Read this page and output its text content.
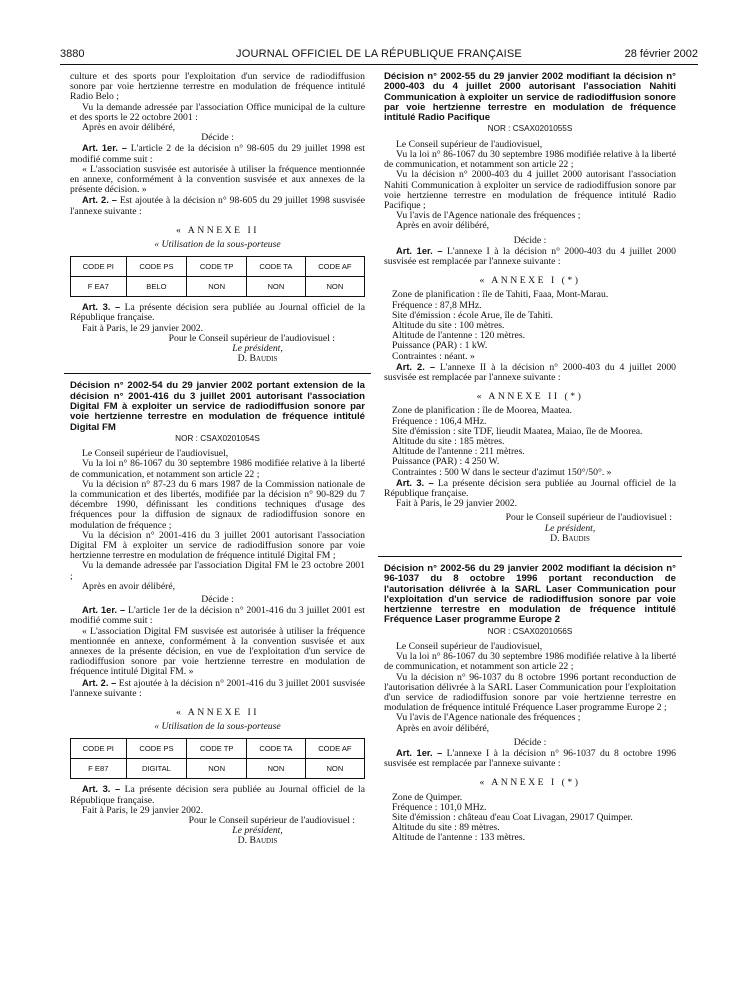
3880	JOURNAL OFFICIEL DE LA RÉPUBLIQUE FRANÇAISE	28 février 2002

culture et des sports pour l'exploitation d'un service de radiodiffusion sonore par voie hertzienne terrestre en modulation de fréquence intitulé Radio Belo ;

Vu la demande adressée par l'association Office municipal de la culture et des sports le 22 octobre 2001 :

Après en avoir délibéré,

Décide :

Art. 1er. – L'article 2 de la décision n° 98-605 du 29 juillet 1998 est modifié comme suit :

« L'association susvisée est autorisée à utiliser la fréquence mentionnée en annexe, conformément à la convention susvisée et aux annexes de la présente décision. »

Art. 2. – Est ajoutée à la décision n° 98-605 du 29 juillet 1998 susvisée l'annexe suivante :

« ANNEXE II

« Utilisation de la sous-porteuse

CODE PI	CODE PS	CODE TP	CODE TA	CODE AF
F EA7	BELO	NON	NON	NON

Art. 3. – La présente décision sera publiée au Journal officiel de la République française.

Fait à Paris, le 29 janvier 2002.

Pour le Conseil supérieur de l'audiovisuel :

Le président,

D. Baudis

Décision n° 2002-54 du 29 janvier 2002 portant extension de la décision n° 2001-416 du 3 juillet 2001 autorisant l'association Digital FM à exploiter un service de radiodiffusion sonore par voie hertzienne terrestre en modulation de fréquence intitulé Digital FM

NOR : CSAX0201054S

Le Conseil supérieur de l'audiovisuel,

Vu la loi n° 86-1067 du 30 septembre 1986 modifiée relative à la liberté de communication, et notamment son article 22 ;

Vu la décision n° 87-23 du 6 mars 1987 de la Commission nationale de la communication et des libertés, modifiée par la décision n° 90-829 du 7 décembre 1990, définissant les conditions techniques d'usage des fréquences pour la diffusion de signaux de radiodiffusion sonore en modulation de fréquence ;

Vu la décision n° 2001-416 du 3 juillet 2001 autorisant l'association Digital FM à exploiter un service de radiodiffusion sonore par voie hertzienne terrestre en modulation de fréquence intitulé Digital FM ;

Vu la demande adressée par l'association Digital FM le 23 octobre 2001 ;

Après en avoir délibéré,

Décide :

Art. 1er. – L'article 1er de la décision n° 2001-416 du 3 juillet 2001 est modifié comme suit :

« L'association Digital FM susvisée est autorisée à utiliser la fréquence mentionnée en annexe, conformément à la convention susvisée et aux annexes de la présente décision, en vue de l'exploitation d'un service de radiodiffusion sonore par voie hertzienne terrestre en modulation de fréquence intitulé Digital FM. »

Art. 2. – Est ajoutée à la décision n° 2001-416 du 3 juillet 2001 susvisée l'annexe suivante :

« ANNEXE II

« Utilisation de la sous-porteuse

CODE PI	CODE PS	CODE TP	CODE TA	CODE AF
F E87	DIGITAL	NON	NON	NON

Art. 3. – La présente décision sera publiée au Journal officiel de la République française.

Fait à Paris, le 29 janvier 2002.

Pour le Conseil supérieur de l'audiovisuel :

Le président,

D. Baudis

Décision n° 2002-55 du 29 janvier 2002 modifiant la décision n° 2000-403 du 4 juillet 2000 autorisant l'association Nahiti Communication à exploiter un service de radiodiffusion sonore par voie hertzienne terrestre en modulation de fréquence intitulé Radio Pacifique

NOR : CSAX0201055S

Le Conseil supérieur de l'audiovisuel,

Vu la loi n° 86-1067 du 30 septembre 1986 modifiée relative à la liberté de communication, et notamment son article 22 ;

Vu la décision n° 2000-403 du 4 juillet 2000 autorisant l'association Nahiti Communication à exploiter un service de radiodiffusion sonore par voie hertzienne terrestre en modulation de fréquence intitulé Radio Pacifique ;

Vu l'avis de l'Agence nationale des fréquences ;

Après en avoir délibéré,

Décide :

Art. 1er. – L'annexe I à la décision n° 2000-403 du 4 juillet 2000 susvisée est remplacée par l'annexe suivante :

« ANNEXE I (*)

Zone de planification : île de Tahiti, Faaa, Mont-Marau.

Fréquence : 87,8 MHz.

Site d'émission : école Arue, île de Tahiti.

Altitude du site : 100 mètres.

Altitude de l'antenne : 120 mètres.

Puissance (PAR) : 1 kW.

Contraintes : néant. »

Art. 2. – L'annexe II à la décision n° 2000-403 du 4 juillet 2000 susvisée est remplacée par l'annexe suivante :

« ANNEXE II (*)

Zone de planification : île de Moorea, Maatea.

Fréquence : 106,4 MHz.

Site d'émission : site TDF, lieudit Maatea, Maiao, île de Moorea.

Altitude du site : 185 mètres.

Altitude de l'antenne : 211 mètres.

Puissance (PAR) : 4 250 W.

Contraintes : 500 W dans le secteur d'azimut 150°/50°. »

Art. 3. – La présente décision sera publiée au Journal officiel de la République française.

Fait à Paris, le 29 janvier 2002.

Pour le Conseil supérieur de l'audiovisuel :

Le président,

D. Baudis

Décision n° 2002-56 du 29 janvier 2002 modifiant la décision n° 96-1037 du 8 octobre 1996 portant reconduction de l'autorisation délivrée à la SARL Laser Communication pour l'exploitation d'un service de radiodiffusion sonore par voie hertzienne terrestre en modulation de fréquence intitulé Fréquence Laser programme Europe 2

NOR : CSAX0201056S

Le Conseil supérieur de l'audiovisuel,

Vu la loi n° 86-1067 du 30 septembre 1986 modifiée relative à la liberté de communication, et notamment son article 22 ;

Vu la décision n° 96-1037 du 8 octobre 1996 portant reconduction de l'autorisation délivrée à la SARL Laser Communication pour l'exploitation d'un service de radiodiffusion sonore par voie hertzienne terrestre en modulation de fréquence intitulé Fréquence Laser programme Europe 2 ;

Vu l'avis de l'Agence nationale des fréquences ;

Après en avoir délibéré,

Décide :

Art. 1er. – L'annexe I à la décision n° 96-1037 du 8 octobre 1996 susvisée est remplacée par l'annexe suivante :

« ANNEXE I (*)

Zone de Quimper.

Fréquence : 101,0 MHz.

Site d'émission : château d'eau Coat Livagan, 29017 Quimper.

Altitude du site : 89 mètres.

Altitude de l'antenne : 133 mètres.
